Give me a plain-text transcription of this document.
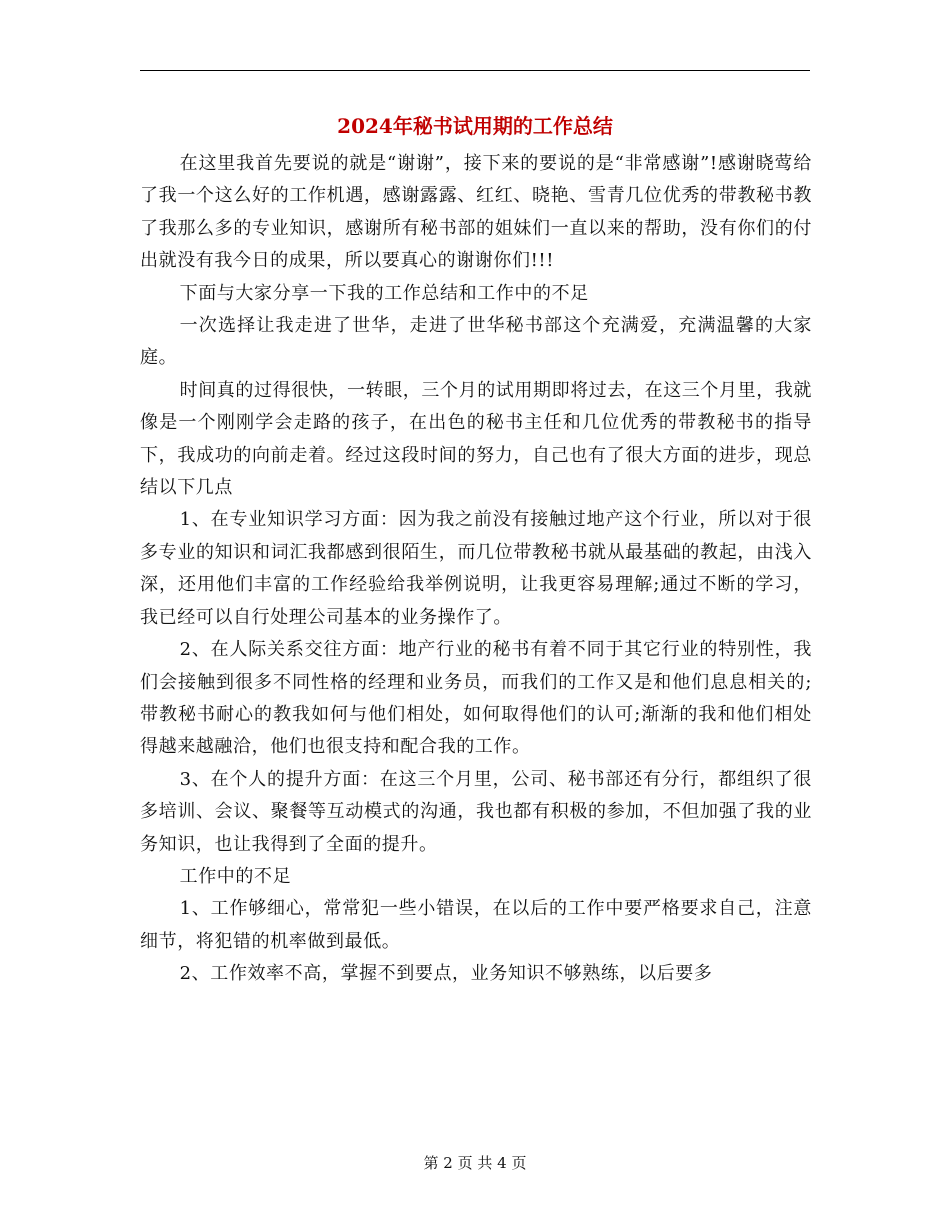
2024年秘书试用期的工作总结

在这里我首先要说的就是“谢谢”，接下来的要说的是“非常感谢”!感谢晓莺给了我一个这么好的工作机遇，感谢露露、红红、晓艳、雪青几位优秀的带教秘书教了我那么多的专业知识，感谢所有秘书部的姐妹们一直以来的帮助，没有你们的付出就没有我今日的成果，所以要真心的谢谢你们!!!

下面与大家分享一下我的工作总结和工作中的不足

一次选择让我走进了世华，走进了世华秘书部这个充满爱，充满温馨的大家庭。

时间真的过得很快，一转眼，三个月的试用期即将过去，在这三个月里，我就像是一个刚刚学会走路的孩子，在出色的秘书主任和几位优秀的带教秘书的指导下，我成功的向前走着。经过这段时间的努力，自己也有了很大方面的进步，现总结以下几点

1、在专业知识学习方面：因为我之前没有接触过地产这个行业，所以对于很多专业的知识和词汇我都感到很陌生，而几位带教秘书就从最基础的教起，由浅入深，还用他们丰富的工作经验给我举例说明，让我更容易理解;通过不断的学习，我已经可以自行处理公司基本的业务操作了。

2、在人际关系交往方面：地产行业的秘书有着不同于其它行业的特别性，我们会接触到很多不同性格的经理和业务员，而我们的工作又是和他们息息相关的;带教秘书耐心的教我如何与他们相处，如何取得他们的认可;渐渐的我和他们相处得越来越融洽，他们也很支持和配合我的工作。

3、在个人的提升方面：在这三个月里，公司、秘书部还有分行，都组织了很多培训、会议、聚餐等互动模式的沟通，我也都有积极的参加，不但加强了我的业务知识，也让我得到了全面的提升。

工作中的不足

1、工作够细心，常常犯一些小错误，在以后的工作中要严格要求自己，注意细节，将犯错的机率做到最低。

2、工作效率不高，掌握不到要点，业务知识不够熟练，以后要多

第 2 页 共 4 页
